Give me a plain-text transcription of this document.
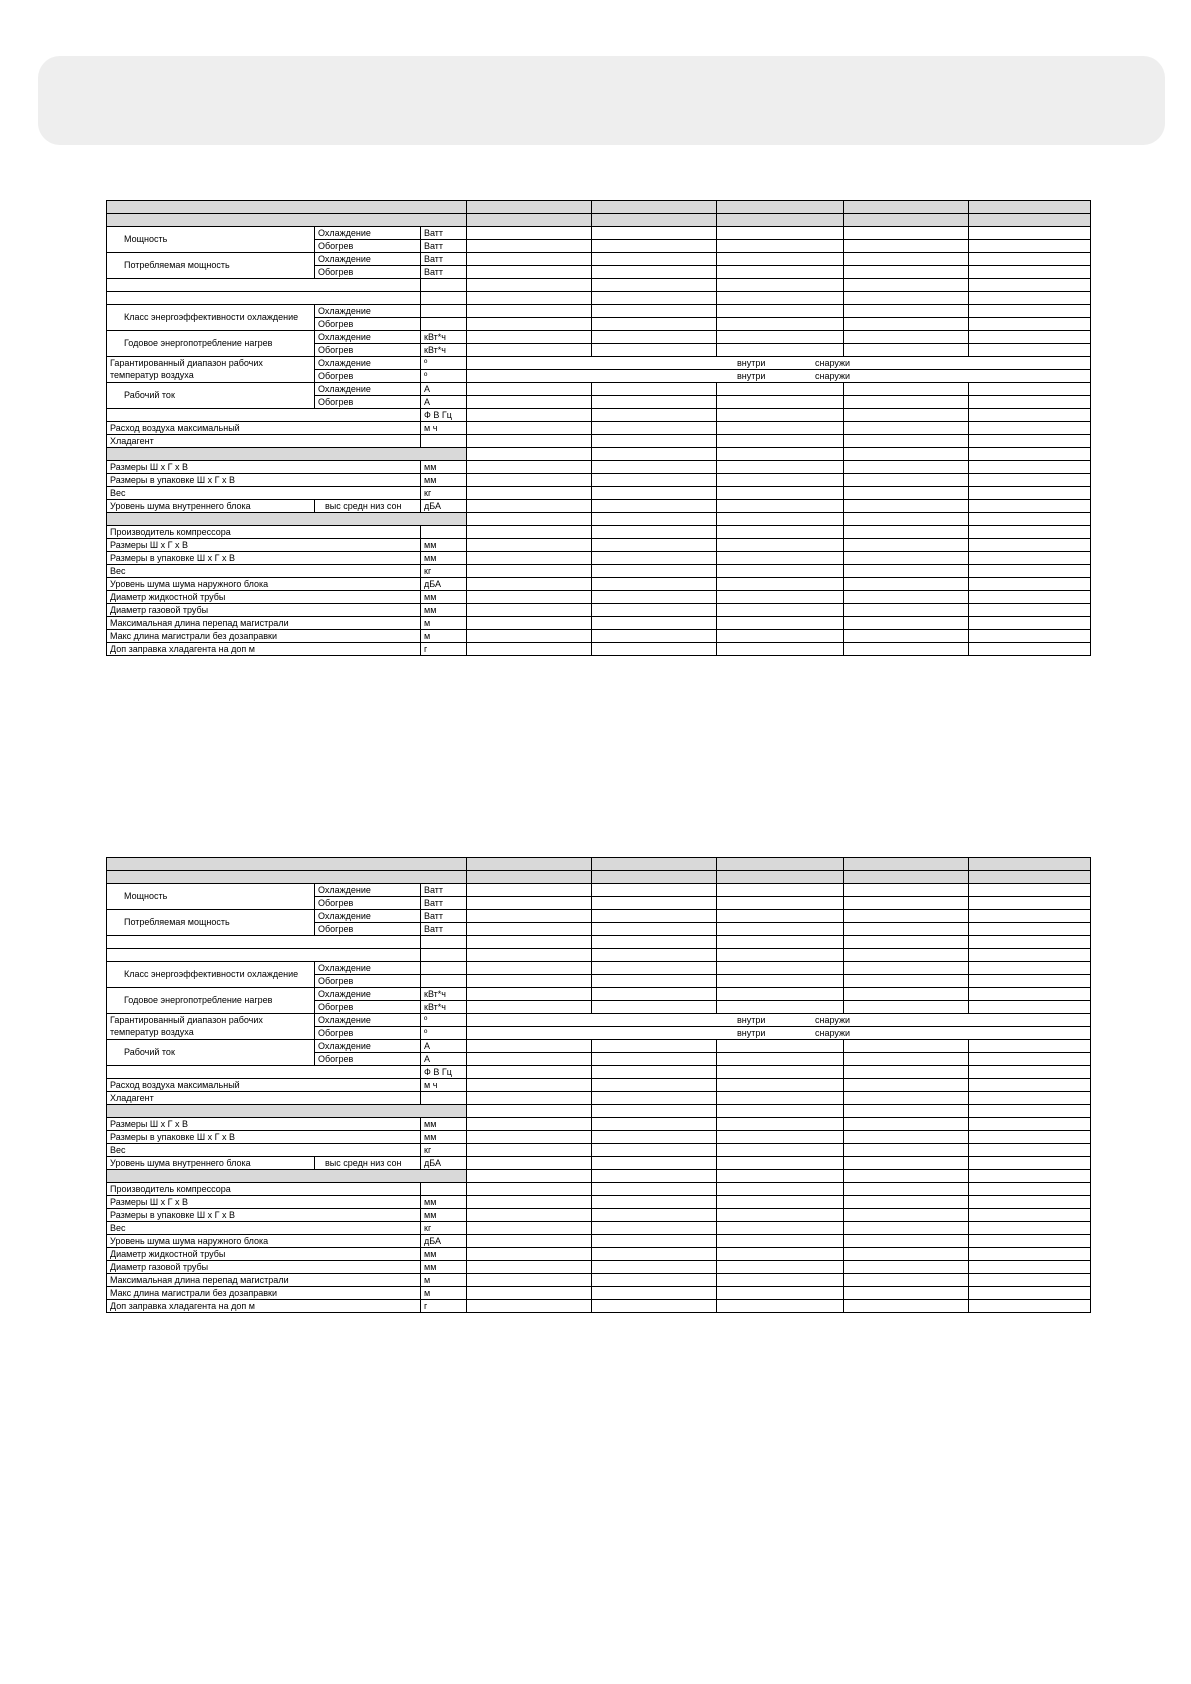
Мощность	Охлаждение	Ватт					
	Обогрев	Ватт					
Потребляемая мощность	Охлаждение	Ватт					
	Обогрев	Ватт					

Класс энергоэффективности охлаждение	Охлаждение						
	Обогрев						
Годовое энергопотребление нагрев	Охлаждение	кВт*ч					
	Обогрев	кВт*ч					
Гарантированный диапазон рабочих	Охлаждение	º	внутри снаружи				

температур воздуха	Обогрев	º	внутри снаружи				

Рабочий ток	Охлаждение	А					
	Обогрев	А					
		Ф В Гц					
Расход воздуха максимальный		м ч					
Хладагент							

Размеры Ш х Г х В		мм					
Размеры в упаковке Ш х Г х В		мм					
Вес		кг					
Уровень шума внутреннего блока	выс средн низ сон	дБА					

Производитель компрессора							
Размеры Ш х Г х В		мм					
Размеры в упаковке Ш х Г х В		мм					
Вес		кг					
Уровень шума шума наружного блока		дБА					
Диаметр жидкостной трубы		мм					
Диаметр газовой трубы		мм					
Максимальная длина перепад магистрали		м					
Макс длина магистрали без дозаправки		м					
Доп заправка хладагента на доп м		г					

Мощность	Охлаждение	Ватт					
	Обогрев	Ватт					
Потребляемая мощность	Охлаждение	Ватт					
	Обогрев	Ватт					

Класс энергоэффективности охлаждение	Охлаждение						
	Обогрев						
Годовое энергопотребление нагрев	Охлаждение	кВт*ч					
	Обогрев	кВт*ч					
Гарантированный диапазон рабочих	Охлаждение	º	внутри снаружи				

температур воздуха	Обогрев	º	внутри снаружи				

Рабочий ток	Охлаждение	А					
	Обогрев	А					
		Ф В Гц					
Расход воздуха максимальный		м ч					
Хладагент							

Размеры Ш х Г х В		мм					
Размеры в упаковке Ш х Г х В		мм					
Вес		кг					
Уровень шума внутреннего блока	выс средн низ сон	дБА					

Производитель компрессора							
Размеры Ш х Г х В		мм					
Размеры в упаковке Ш х Г х В		мм					
Вес		кг					
Уровень шума шума наружного блока		дБА					
Диаметр жидкостной трубы		мм					
Диаметр газовой трубы		мм					
Максимальная длина перепад магистрали		м					
Макс длина магистрали без дозаправки		м					
Доп заправка хладагента на доп м		г					
